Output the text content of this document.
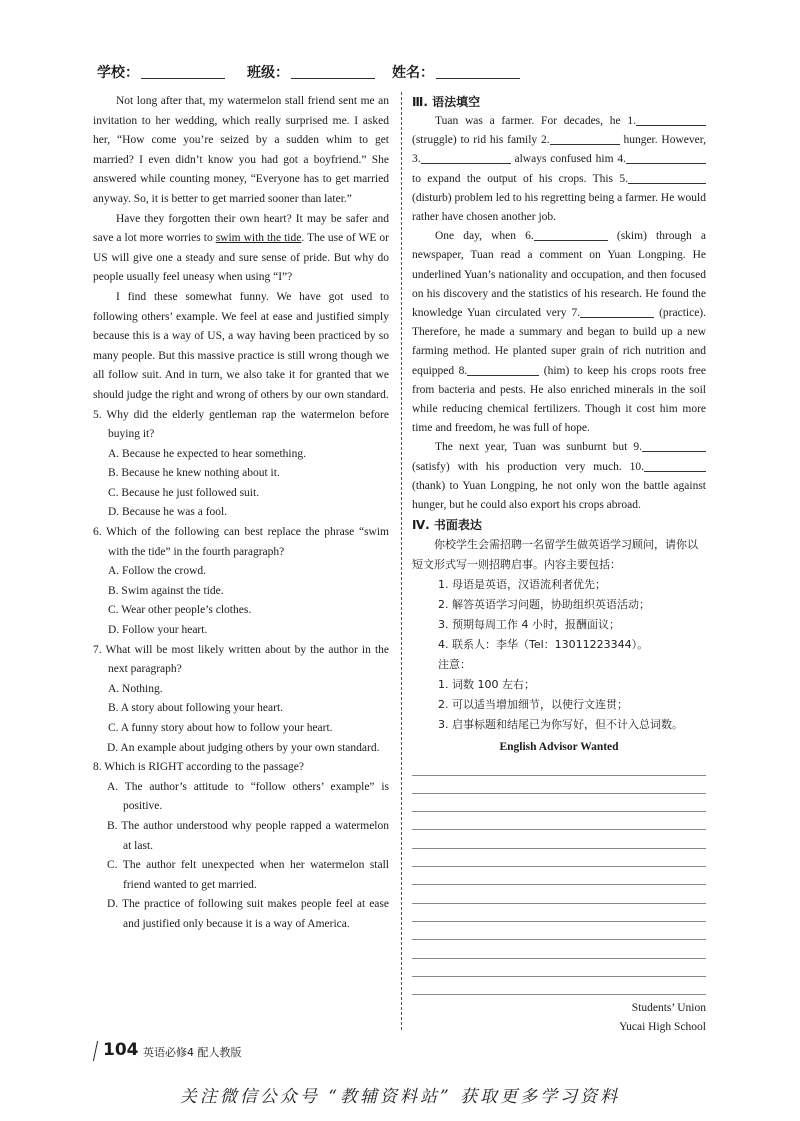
学校：	班级：	姓名：

Not long after that, my watermelon stall friend sent me an invitation to her wedding, which really surprised me. I asked her, “How come you’re seized by a sudden whim to get married? I even didn’t know you had got a boyfriend.” She answered while counting money, “Everyone has to get married anyway. So, it is better to get married sooner than later.”

Have they forgotten their own heart? It may be safer and save a lot more worries to swim with the tide. The use of WE or US will give one a steady and sure sense of pride. But why do people usually feel uneasy when using “I”?

I find these somewhat funny. We have got used to following others’ example. We feel at ease and justified simply because this is a way of US, a way having been practiced by so many people. But this massive practice is still wrong though we all follow suit. And in turn, we also take it for granted that we should judge the right and wrong of others by our own standard.

5. Why did the elderly gentleman rap the watermelon before buying it?
A. Because he expected to hear something.
B. Because he knew nothing about it.
C. Because he just followed suit.
D. Because he was a fool.
6. Which of the following can best replace the phrase “swim with the tide” in the fourth paragraph?
A. Follow the crowd.
B. Swim against the tide.
C. Wear other people’s clothes.
D. Follow your heart.
7. What will be most likely written about by the author in the next paragraph?
A. Nothing.
B. A story about following your heart.
C. A funny story about how to follow your heart.
D. An example about judging others by your own standard.
8. Which is RIGHT according to the passage?
A. The author’s attitude to “follow others’ example” is positive.
B. The author understood why people rapped a watermelon at last.
C. The author felt unexpected when her watermelon stall friend wanted to get married.
D. The practice of following suit makes people feel at ease and justified only because it is a way of America.
Ⅲ. 语法填空

Tuan was a farmer. For decades, he 1. (struggle) to rid his family 2.	hunger. However, 3.	always confused him 4. to expand the output of his crops. This 5. (disturb) problem led to his regretting being a farmer. He would rather have chosen another job.

One day, when 6.	(skim) through a newspaper, Tuan read a comment on Yuan Longping. He underlined Yuan’s nationality and occupation, and then focused on his discovery and the statistics of his research. He found the knowledge Yuan circulated very 7.	(practice). Therefore, he made a summary and began to build up a new farming method. He planted super grain of rich nutrition and equipped 8.	(him) to keep his crops roots free from bacteria and pests. He also enriched minerals in the soil while reducing chemical fertilizers. Though it cost him more time and freedom, he was full of hope.

The next year, Tuan was sunburnt but 9. (satisfy) with his production very much. 10. (thank) to Yuan Longping, he not only won the battle against hunger, but he could also export his crops abroad.

Ⅳ. 书面表达
你校学生会需招聘一名留学生做英语学习顾问，请你以短文形式写一则招聘启事。内容主要包括：
1. 母语是英语，汉语流利者优先；
2. 解答英语学习问题，协助组织英语活动；
3. 预期每周工作 4 小时，报酬面议；
4. 联系人：李华（Tel：13011223344）。
注意：
1. 词数 100 左右；
2. 可以适当增加细节，以使行文连贯；
3. 启事标题和结尾已为你写好，但不计入总词数。
English Advisor Wanted
Students’ Union
Yucai High School
104 英语必修4 配人教版
关注微信公众号 “教辅资料站” 获取更多学习资料
